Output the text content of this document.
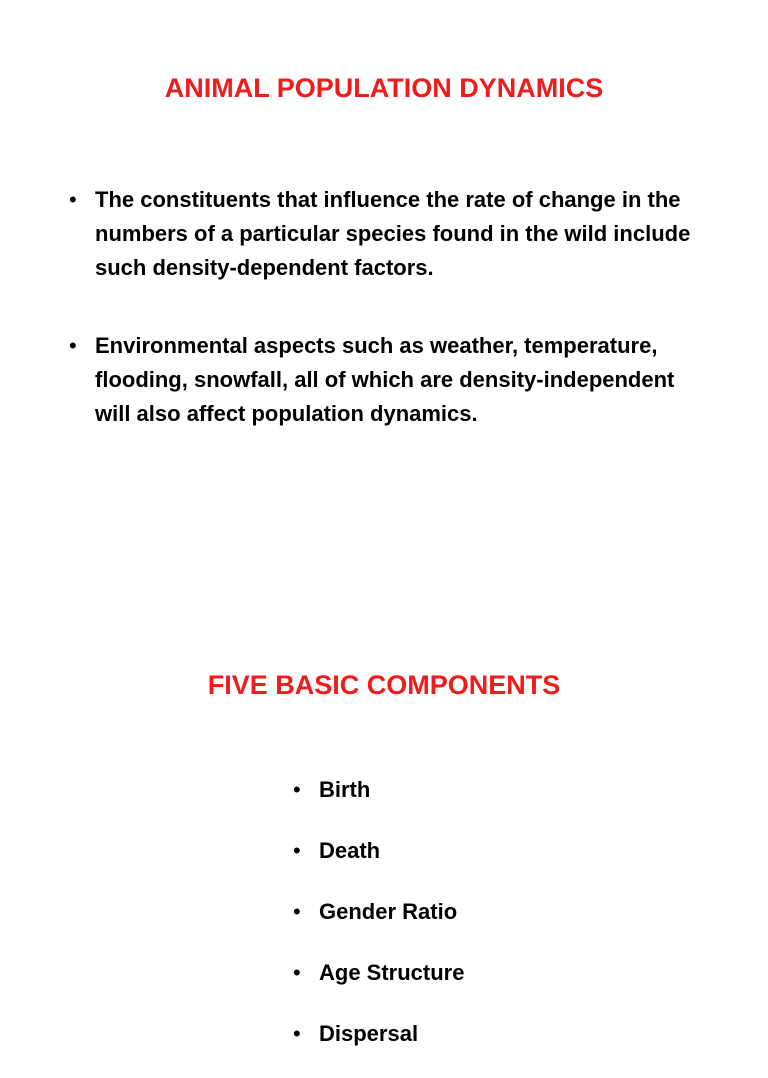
ANIMAL POPULATION DYNAMICS
• The constituents that influence the rate of change in the numbers of a particular species found in the wild include such density-dependent factors.
• Environmental aspects such as weather, temperature, flooding, snowfall, all of which are density-independent will also affect population dynamics.
FIVE BASIC COMPONENTS
• Birth
• Death
• Gender Ratio
• Age Structure
• Dispersal
